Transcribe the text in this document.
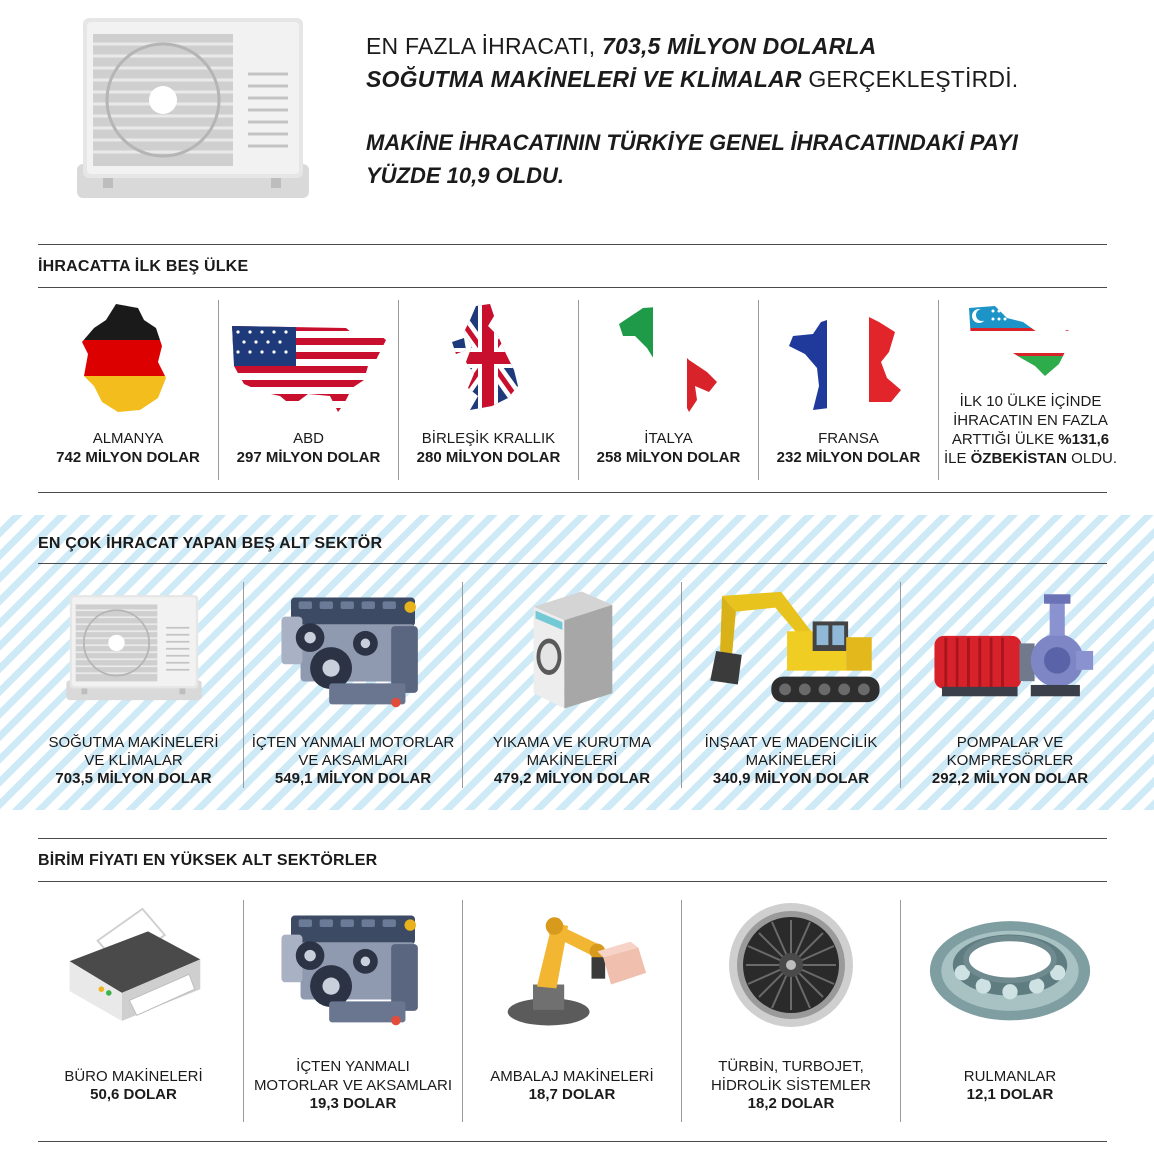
EN FAZLA İHRACATI, 703,5 MİLYON DOLARLA
SOĞUTMA MAKİNELERİ VE KLİMALAR GERÇEKLEŞTİRDİ.
MAKİNE İHRACATININ TÜRKİYE GENEL İHRACATINDAKİ PAYI
YÜZDE 10,9 OLDU.
İHRACATTA İLK BEŞ ÜLKE
ALMANYA
742 MİLYON DOLAR
ABD
297 MİLYON DOLAR
BİRLEŞİK KRALLIK
280 MİLYON DOLAR
İTALYA
258 MİLYON DOLAR
FRANSA
232 MİLYON DOLAR
İLK 10 ÜLKE İÇİNDE
İHRACATIN EN FAZLA
ARTTIĞI ÜLKE %131,6
İLE ÖZBEKİSTAN OLDU.
EN ÇOK İHRACAT YAPAN BEŞ ALT SEKTÖR
SOĞUTMA MAKİNELERİ
VE KLİMALAR
703,5 MİLYON DOLAR
İÇTEN YANMALI MOTORLAR
VE AKSAMLARI
549,1 MİLYON DOLAR
YIKAMA VE KURUTMA
MAKİNELERİ
479,2 MİLYON DOLAR
İNŞAAT VE MADENCİLİK
MAKİNELERİ
340,9 MİLYON DOLAR
POMPALAR VE
KOMPRESÖRLER
292,2 MİLYON DOLAR
BİRİM FİYATI EN YÜKSEK ALT SEKTÖRLER
BÜRO MAKİNELERİ
50,6 DOLAR
İÇTEN YANMALI
MOTORLAR VE AKSAMLARI
19,3 DOLAR
AMBALAJ MAKİNELERİ
18,7 DOLAR
TÜRBİN, TURBOJET,
HİDROLİK SİSTEMLER
18,2 DOLAR
RULMANLAR
12,1 DOLAR
